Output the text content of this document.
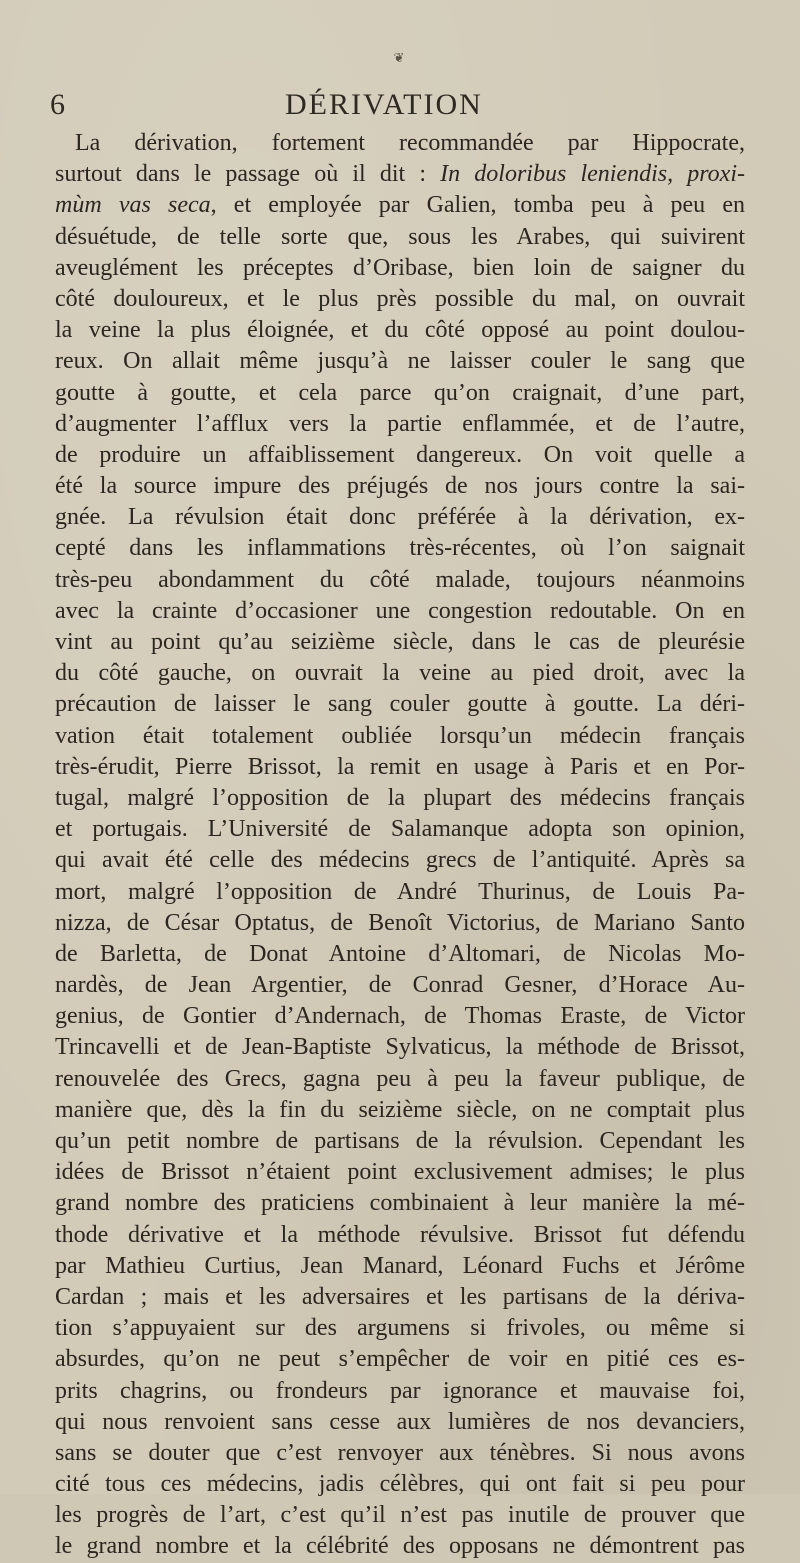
❦
6	DÉRIVATION
La dérivation, fortement recommandée par Hippocrate,
surtout dans le passage où il dit : In doloribus leniendis, proxi-
mùm vas seca, et employée par Galien, tomba peu à peu en
désuétude, de telle sorte que, sous les Arabes, qui suivirent
aveuglément les préceptes d’Oribase, bien loin de saigner du
côté douloureux, et le plus près possible du mal, on ouvrait
la veine la plus éloignée, et du côté opposé au point doulou-
reux. On allait même jusqu’à ne laisser couler le sang que
goutte à goutte, et cela parce qu’on craignait, d’une part,
d’augmenter l’afflux vers la partie enflammée, et de l’autre,
de produire un affaiblissement dangereux. On voit quelle a
été la source impure des préjugés de nos jours contre la sai-
gnée. La révulsion était donc préférée à la dérivation, ex-
cepté dans les inflammations très-récentes, où l’on saignait
très-peu abondamment du côté malade, toujours néanmoins
avec la crainte d’occasioner une congestion redoutable. On en
vint au point qu’au seizième siècle, dans le cas de pleurésie
du côté gauche, on ouvrait la veine au pied droit, avec la
précaution de laisser le sang couler goutte à goutte. La déri-
vation était totalement oubliée lorsqu’un médecin français
très-érudit, Pierre Brissot, la remit en usage à Paris et en Por-
tugal, malgré l’opposition de la plupart des médecins français
et portugais. L’Université de Salamanque adopta son opinion,
qui avait été celle des médecins grecs de l’antiquité. Après sa
mort, malgré l’opposition de André Thurinus, de Louis Pa-
nizza, de César Optatus, de Benoît Victorius, de Mariano Santo
de Barletta, de Donat Antoine d’Altomari, de Nicolas Mo-
nardès, de Jean Argentier, de Conrad Gesner, d’Horace Au-
genius, de Gontier d’Andernach, de Thomas Eraste, de Victor
Trincavelli et de Jean-Baptiste Sylvaticus, la méthode de Brissot,
renouvelée des Grecs, gagna peu à peu la faveur publique, de
manière que, dès la fin du seizième siècle, on ne comptait plus
qu’un petit nombre de partisans de la révulsion. Cependant les
idées de Brissot n’étaient point exclusivement admises; le plus
grand nombre des praticiens combinaient à leur manière la mé-
thode dérivative et la méthode révulsive. Brissot fut défendu
par Mathieu Curtius, Jean Manard, Léonard Fuchs et Jérôme
Cardan ; mais et les adversaires et les partisans de la dériva-
tion s’appuyaient sur des argumens si frivoles, ou même si
absurdes, qu’on ne peut s’empêcher de voir en pitié ces es-
prits chagrins, ou frondeurs par ignorance et mauvaise foi,
qui nous renvoient sans cesse aux lumières de nos devanciers,
sans se douter que c’est renvoyer aux ténèbres. Si nous avons
cité tous ces médecins, jadis célèbres, qui ont fait si peu pour
les progrès de l’art, c’est qu’il n’est pas inutile de prouver que
le grand nombre et la célébrité des opposans ne démontrent pas
